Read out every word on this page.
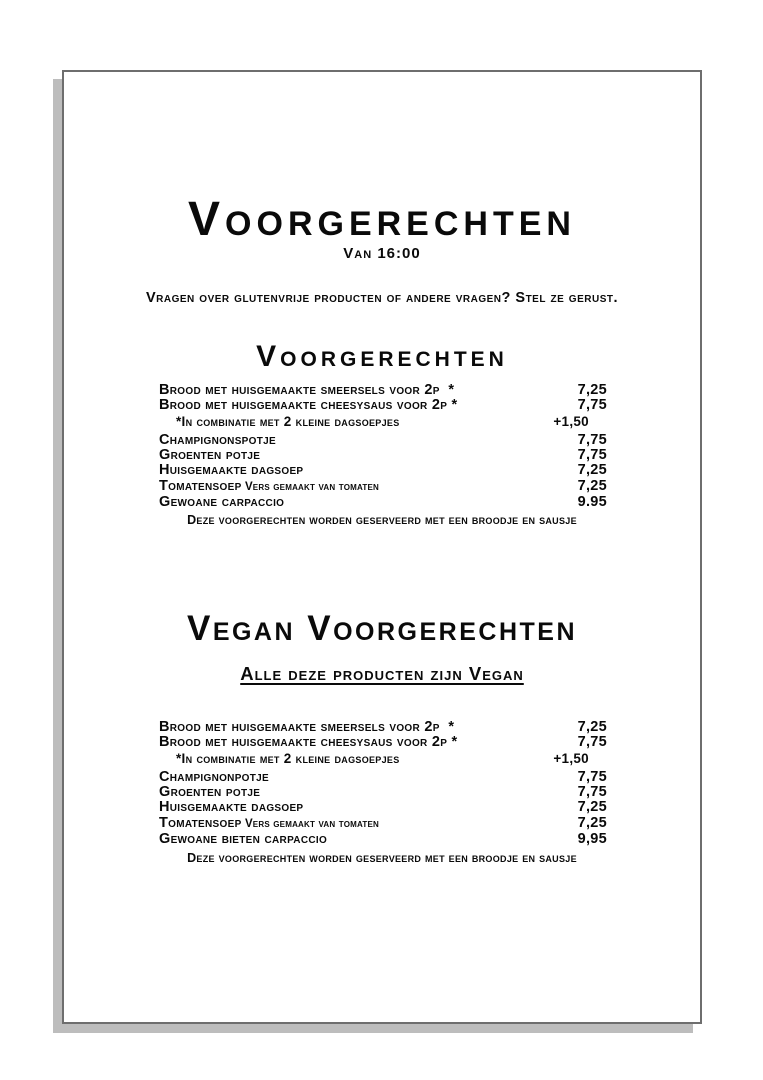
Voorgerechten
Van 16:00
Vragen over glutenvrije producten of andere vragen? Stel ze gerust.
Voorgerechten
Brood met huisgemaakte smeersels voor 2p  *	7,25
Brood met huisgemaakte cheesysaus voor 2p *	7,75
*In combinatie met 2 kleine dagsoepjes	+1,50
Champignonspotje	7,75
Groenten potje	7,75
Huisgemaakte dagsoep	7,25
Tomatensoep Vers gemaakt van tomaten	7,25
Gewoane carpaccio	9.95
Deze voorgerechten worden geserveerd met een broodje en sausje
Vegan Voorgerechten
Alle deze producten zijn Vegan
Brood met huisgemaakte smeersels voor 2p  *	7,25
Brood met huisgemaakte cheesysaus voor 2p *	7,75
*In combinatie met 2 kleine dagsoepjes	+1,50
Champignonpotje	7,75
Groenten potje	7,75
Huisgemaakte dagsoep	7,25
Tomatensoep Vers gemaakt van tomaten	7,25
Gewoane bieten carpaccio	9,95
Deze voorgerechten worden geserveerd met een broodje en sausje
